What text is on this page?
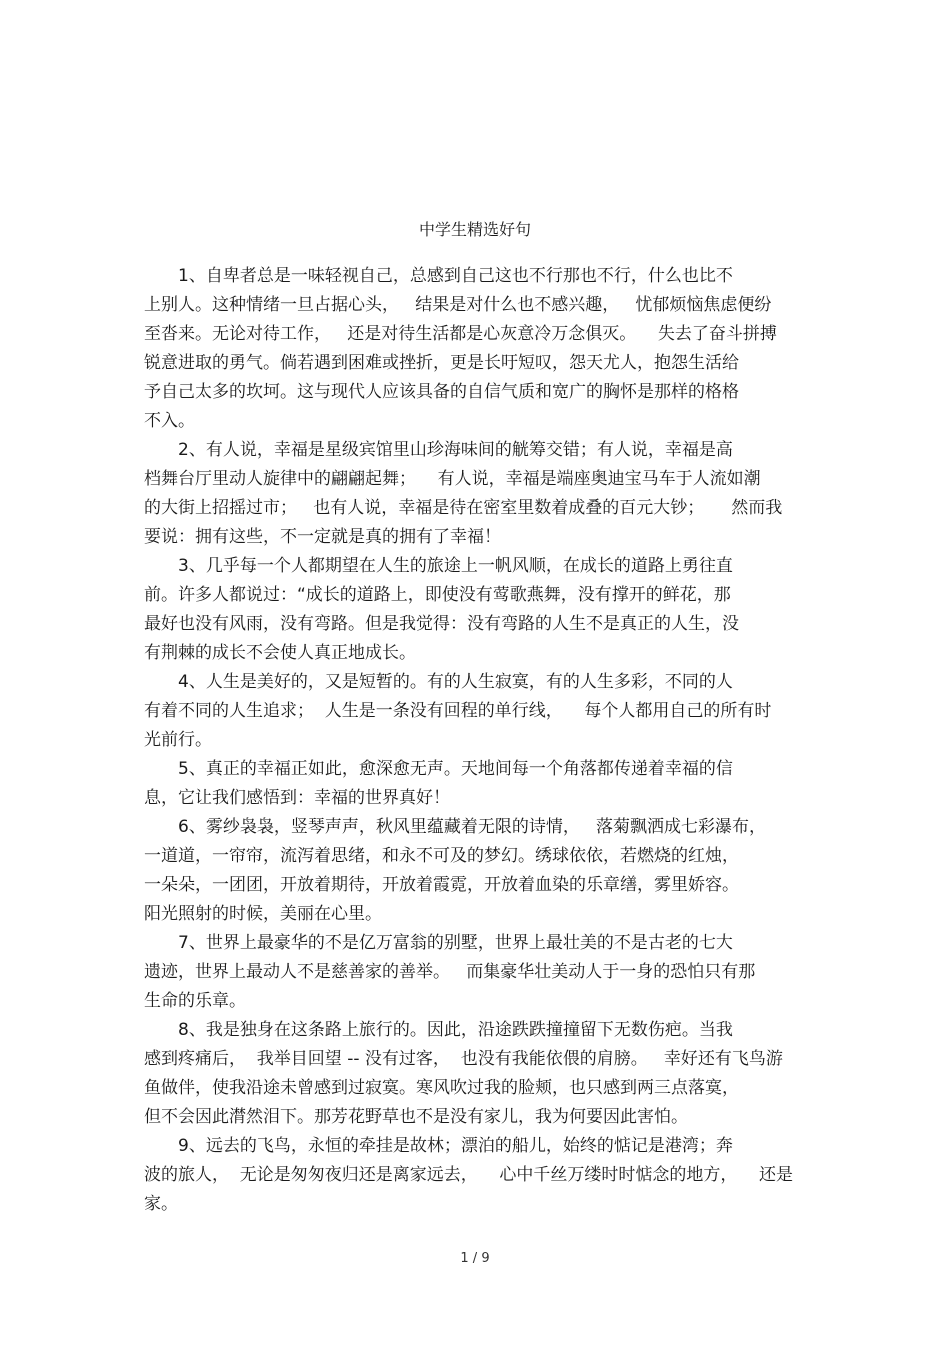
中学生精选好句

1、自卑者总是一味轻视自己，总感到自己这也不行那也不行，什么也比不
上别人。这种情绪一旦占据心头，   结果是对什么也不感兴趣，   忧郁烦恼焦虑便纷
至沓来。无论对待工作，   还是对待生活都是心灰意冷万念俱灭。    失去了奋斗拼搏
锐意进取的勇气。倘若遇到困难或挫折，更是长吁短叹，怨天尤人，抱怨生活给
予自己太多的坎坷。这与现代人应该具备的自信气质和宽广的胸怀是那样的格格
不入。

2、有人说，幸福是星级宾馆里山珍海味间的觥筹交错；有人说，幸福是高
档舞台厅里动人旋律中的翩翩起舞；    有人说，幸福是端座奥迪宝马车于人流如潮
的大街上招摇过市；   也有人说，幸福是待在密室里数着成叠的百元大钞；     然而我
要说：拥有这些，不一定就是真的拥有了幸福！

3、几乎每一个人都期望在人生的旅途上一帆风顺，在成长的道路上勇往直
前。许多人都说过：“成长的道路上，即使没有莺歌燕舞，没有撑开的鲜花，那
最好也没有风雨，没有弯路。但是我觉得：没有弯路的人生不是真正的人生，没
有荆棘的成长不会使人真正地成长。

4、人生是美好的，又是短暂的。有的人生寂寞，有的人生多彩，不同的人
有着不同的人生追求；  人生是一条没有回程的单行线，    每个人都用自己的所有时
光前行。

5、真正的幸福正如此，愈深愈无声。天地间每一个角落都传递着幸福的信
息，它让我们感悟到：幸福的世界真好！

6、雾纱袅袅，竖琴声声，秋风里蕴藏着无限的诗情，   落菊飘洒成七彩瀑布，
一道道，一帘帘，流泻着思绪，和永不可及的梦幻。绣球依依，若燃烧的红烛，
一朵朵，一团团，开放着期待，开放着霞霓，开放着血染的乐章缮，雾里娇容。
阳光照射的时候，美丽在心里。

7、世界上最豪华的不是亿万富翁的别墅，世界上最壮美的不是古老的七大
遗迹，世界上最动人不是慈善家的善举。   而集豪华壮美动人于一身的恐怕只有那
生命的乐章。

8、我是独身在这条路上旅行的。因此，沿途跌跌撞撞留下无数伤疤。当我
感到疼痛后，  我举目回望 -- 没有过客，  也没有我能依偎的肩膀。   幸好还有飞鸟游
鱼做伴，使我沿途未曾感到过寂寞。寒风吹过我的脸颊，也只感到两三点落寞，
但不会因此潸然泪下。那芳花野草也不是没有家儿，我为何要因此害怕。

9、远去的飞鸟，永恒的牵挂是故林；漂泊的船儿，始终的惦记是港湾；奔
波的旅人，  无论是匆匆夜归还是离家远去，    心中千丝万缕时时惦念的地方，    还是
家。

1 / 9
